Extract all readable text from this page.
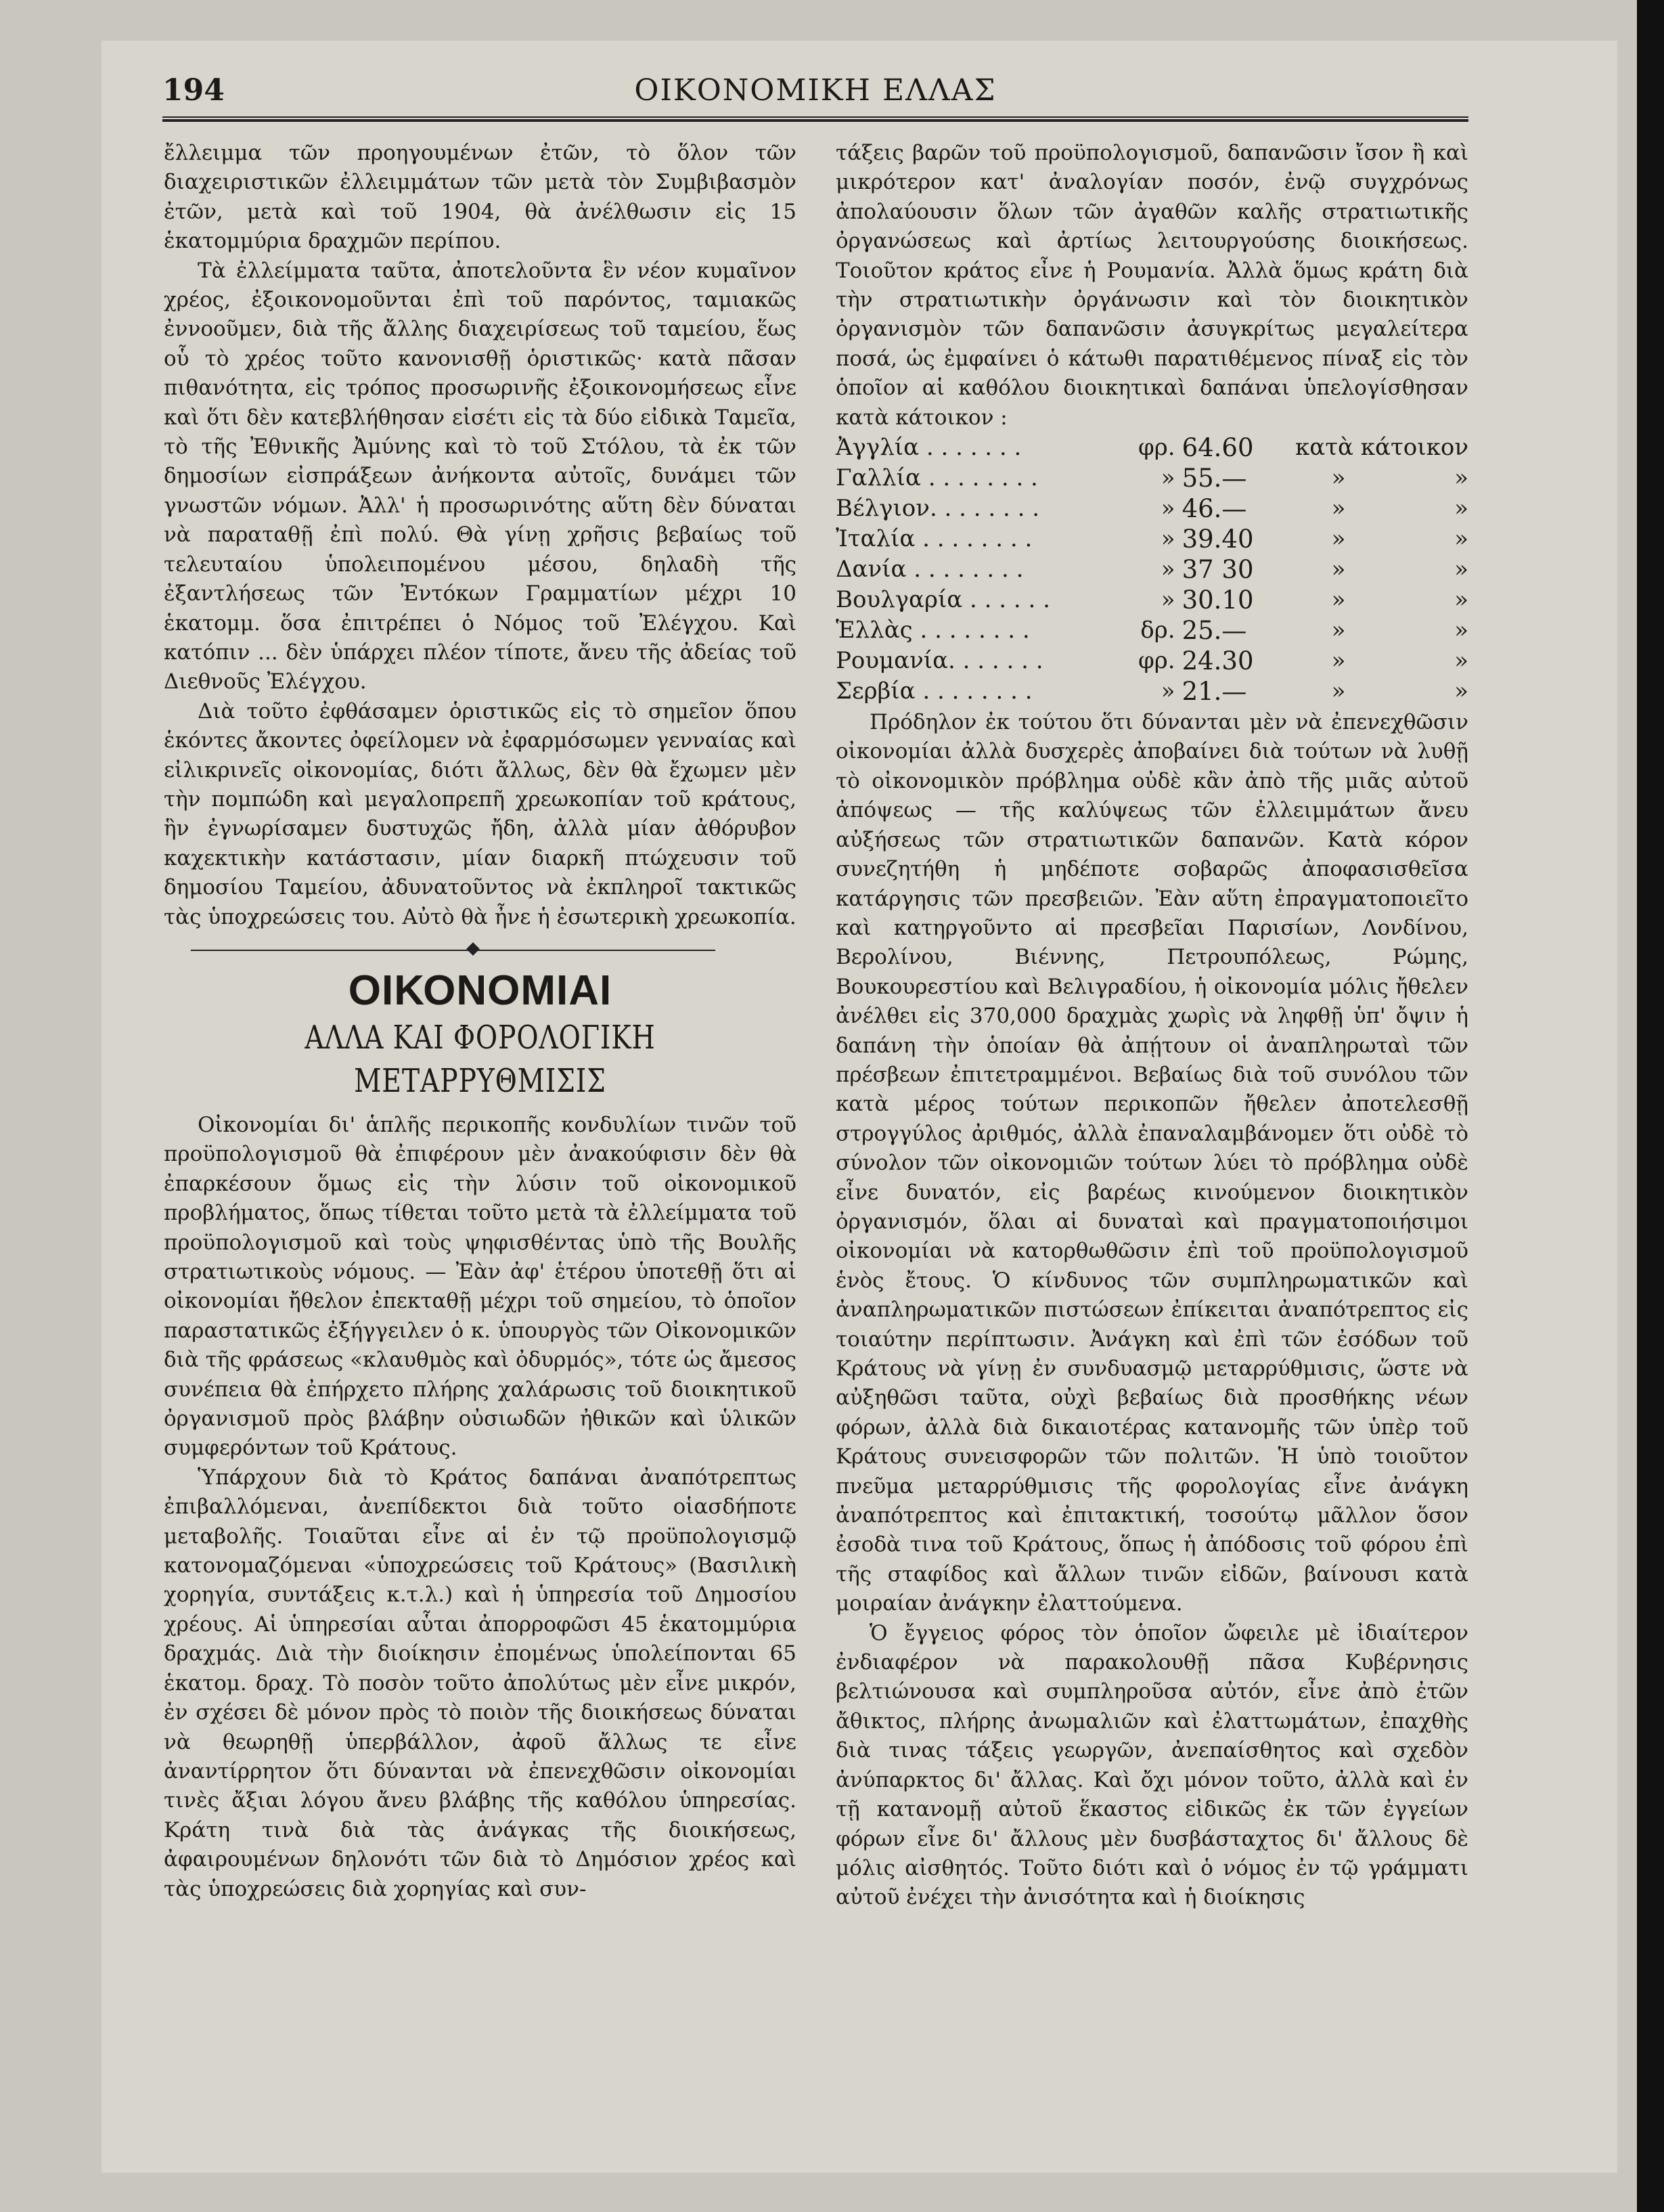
194	ΟΙΚΟΝΟΜΙΚΗ ΕΛΛΑΣ

ἔλλειμμα τῶν προηγουμένων ἐτῶν, τὸ ὅλον τῶν διαχειριστικῶν ἐλλειμμάτων τῶν μετὰ τὸν Συμβιβασμὸν ἐτῶν, μετὰ καὶ τοῦ 1904, θὰ ἀνέλθωσιν εἰς 15 ἑκατομμύρια δραχμῶν περίπου.

Τὰ ἐλλείμματα ταῦτα, ἀποτελοῦντα ἓν νέον κυμαῖνον χρέος, ἐξοικονομοῦνται ἐπὶ τοῦ παρόντος, ταμιακῶς ἐννοοῦμεν, διὰ τῆς ἄλλης διαχειρίσεως τοῦ ταμείου, ἕως οὗ τὸ χρέος τοῦτο κανονισθῇ ὁριστικῶς· κατὰ πᾶσαν πιθανότητα, εἰς τρόπος προσωρινῆς ἐξοικονομήσεως εἶνε καὶ ὅτι δὲν κατεβλήθησαν εἰσέτι εἰς τὰ δύο εἰδικὰ Ταμεῖα, τὸ τῆς Ἐθνικῆς Ἀμύνης καὶ τὸ τοῦ Στόλου, τὰ ἐκ τῶν δημοσίων εἰσπράξεων ἀνήκοντα αὐτοῖς, δυνάμει τῶν γνωστῶν νόμων. Ἀλλ' ἡ προσωρινότης αὕτη δὲν δύναται νὰ παραταθῇ ἐπὶ πολύ. Θὰ γίνῃ χρῆσις βεβαίως τοῦ τελευταίου ὑπολειπομένου μέσου, δηλαδὴ τῆς ἐξαντλήσεως τῶν Ἐντόκων Γραμματίων μέχρι 10 ἑκατομμ. ὅσα ἐπιτρέπει ὁ Νόμος τοῦ Ἐλέγχου. Καὶ κατόπιν ... δὲν ὑπάρχει πλέον τίποτε, ἄνευ τῆς ἀδείας τοῦ Διεθνοῦς Ἐλέγχου.

Διὰ τοῦτο ἐφθάσαμεν ὁριστικῶς εἰς τὸ σημεῖον ὅπου ἑκόντες ἄκοντες ὀφείλομεν νὰ ἐφαρμόσωμεν γενναίας καὶ εἰλικρινεῖς οἰκονομίας, διότι ἄλλως, δὲν θὰ ἔχωμεν μὲν τὴν πομπώδη καὶ μεγαλοπρεπῆ χρεωκοπίαν τοῦ κράτους, ἣν ἐγνωρίσαμεν δυστυχῶς ἤδη, ἀλλὰ μίαν ἀθόρυβον καχεκτικὴν κατάστασιν, μίαν διαρκῆ πτώχευσιν τοῦ δημοσίου Ταμείου, ἀδυνατοῦντος νὰ ἐκπληροῖ τακτικῶς τὰς ὑποχρεώσεις του. Αὐτὸ θὰ ἦνε ἡ ἐσωτερικὴ χρεωκοπία.

ΟΙΚΟΝΟΜΙΑΙ
ΑΛΛΑ ΚΑΙ ΦΟΡΟΛΟΓΙΚΗ ΜΕΤΑΡΡΥΘΜΙΣΙΣ

Οἰκονομίαι δι' ἁπλῆς περικοπῆς κονδυλίων τινῶν τοῦ προϋπολογισμοῦ θὰ ἐπιφέρουν μὲν ἀνακούφισιν δὲν θὰ ἐπαρκέσουν ὅμως εἰς τὴν λύσιν τοῦ οἰκονομικοῦ προβλήματος, ὅπως τίθεται τοῦτο μετὰ τὰ ἐλλείμματα τοῦ προϋπολογισμοῦ καὶ τοὺς ψηφισθέντας ὑπὸ τῆς Βουλῆς στρατιωτικοὺς νόμους. — Ἐὰν ἀφ' ἑτέρου ὑποτεθῇ ὅτι αἱ οἰκονομίαι ἤθελον ἐπεκταθῇ μέχρι τοῦ σημείου, τὸ ὁποῖον παραστατικῶς ἐξήγγειλεν ὁ κ. ὑπουργὸς τῶν Οἰκονομικῶν διὰ τῆς φράσεως «κλαυθμὸς καὶ ὀδυρμός», τότε ὡς ἄμεσος συνέπεια θὰ ἐπήρχετο πλήρης χαλάρωσις τοῦ διοικητικοῦ ὀργανισμοῦ πρὸς βλάβην οὐσιωδῶν ἠθικῶν καὶ ὑλικῶν συμφερόντων τοῦ Κράτους.

Ὑπάρχουν διὰ τὸ Κράτος δαπάναι ἀναπότρεπτως ἐπιβαλλόμεναι, ἀνεπίδεκτοι διὰ τοῦτο οἱασδήποτε μεταβολῆς. Τοιαῦται εἶνε αἱ ἐν τῷ προϋπολογισμῷ κατονομαζόμεναι «ὑποχρεώσεις τοῦ Κράτους» (Βασιλικὴ χορηγία, συντάξεις κ.τ.λ.) καὶ ἡ ὑπηρεσία τοῦ Δημοσίου χρέους. Αἱ ὑπηρεσίαι αὗται ἀπορροφῶσι 45 ἑκατομμύρια δραχμάς. Διὰ τὴν διοίκησιν ἐπομένως ὑπολείπονται 65 ἑκατομ. δραχ. Τὸ ποσὸν τοῦτο ἀπολύτως μὲν εἶνε μικρόν, ἐν σχέσει δὲ μόνον πρὸς τὸ ποιὸν τῆς διοικήσεως δύναται νὰ θεωρηθῇ ὑπερβάλλον, ἀφοῦ ἄλλως τε εἶνε ἀναντίρρητον ὅτι δύνανται νὰ ἐπενεχθῶσιν οἰκονομίαι τινὲς ἄξιαι λόγου ἄνευ βλάβης τῆς καθόλου ὑπηρεσίας. Κράτη τινὰ διὰ τὰς ἀνάγκας τῆς διοικήσεως, ἀφαιρουμένων δηλονότι τῶν διὰ τὸ Δημόσιον χρέος καὶ τὰς ὑποχρεώσεις διὰ χορηγίας καὶ συν-

τάξεις βαρῶν τοῦ προϋπολογισμοῦ, δαπανῶσιν ἴσον ἢ καὶ μικρότερον κατ' ἀναλογίαν ποσόν, ἐνῷ συγχρόνως ἀπολαύουσιν ὅλων τῶν ἀγαθῶν καλῆς στρατιωτικῆς ὀργανώσεως καὶ ἀρτίως λειτουργούσης διοικήσεως. Τοιοῦτον κράτος εἶνε ἡ Ρουμανία. Ἀλλὰ ὅμως κράτη διὰ τὴν στρατιωτικὴν ὀργάνωσιν καὶ τὸν διοικητικὸν ὀργανισμὸν τῶν δαπανῶσιν ἀσυγκρίτως μεγαλείτερα ποσά, ὡς ἐμφαίνει ὁ κάτωθι παρατιθέμενος πίναξ εἰς τὸν ὁποῖον αἱ καθόλου διοικητικαὶ δαπάναι ὑπελογίσθησαν κατὰ κάτοικον :

Ἀγγλία . . . . . . .	φρ.	64.60	κατὰ κάτοικον	
Γαλλία . . . . . . . .	»	55.—	»	»
Βέλγιον. . . . . . . .	»	46.—	»	»
Ἰταλία . . . . . . . .	»	39.40	»	»
Δανία . . . . . . . .	»	37 30	»	»
Βουλγαρία . . . . . .	»	30.10	»	»
Ἑλλὰς . . . . . . . .	δρ.	25.—	»	»
Ρουμανία. . . . . . .	φρ.	24.30	»	»
Σερβία . . . . . . . .	»	21.—	»	»

Πρόδηλον ἐκ τούτου ὅτι δύνανται μὲν νὰ ἐπενεχθῶσιν οἰκονομίαι ἀλλὰ δυσχερὲς ἀποβαίνει διὰ τούτων νὰ λυθῇ τὸ οἰκονομικὸν πρόβλημα οὐδὲ κἂν ἀπὸ τῆς μιᾶς αὐτοῦ ἀπόψεως — τῆς καλύψεως τῶν ἐλλειμμάτων ἄνευ αὐξήσεως τῶν στρατιωτικῶν δαπανῶν. Κατὰ κόρον συνεζητήθη ἡ μηδέποτε σοβαρῶς ἀποφασισθεῖσα κατάργησις τῶν πρεσβειῶν. Ἐὰν αὕτη ἐπραγματοποιεῖτο καὶ κατηργοῦντο αἱ πρεσβεῖαι Παρισίων, Λονδίνου, Βερολίνου, Βιέννης, Πετρουπόλεως, Ρώμης, Βουκουρεστίου καὶ Βελιγραδίου, ἡ οἰκονομία μόλις ἤθελεν ἀνέλθει εἰς 370,000 δραχμὰς χωρὶς νὰ ληφθῇ ὑπ' ὄψιν ἡ δαπάνη τὴν ὁποίαν θὰ ἀπῄτουν οἱ ἀναπληρωταὶ τῶν πρέσβεων ἐπιτετραμμένοι. Βεβαίως διὰ τοῦ συνόλου τῶν κατὰ μέρος τούτων περικοπῶν ἤθελεν ἀποτελεσθῇ στρογγύλος ἀριθμός, ἀλλὰ ἐπαναλαμβάνομεν ὅτι οὐδὲ τὸ σύνολον τῶν οἰκονομιῶν τούτων λύει τὸ πρόβλημα οὐδὲ εἶνε δυνατόν, εἰς βαρέως κινούμενον διοικητικὸν ὀργανισμόν, ὅλαι αἱ δυναταὶ καὶ πραγματοποιήσιμοι οἰκονομίαι νὰ κατορθωθῶσιν ἐπὶ τοῦ προϋπολογισμοῦ ἑνὸς ἔτους. Ὁ κίνδυνος τῶν συμπληρωματικῶν καὶ ἀναπληρωματικῶν πιστώσεων ἐπίκειται ἀναπότρεπτος εἰς τοιαύτην περίπτωσιν. Ἀνάγκη καὶ ἐπὶ τῶν ἐσόδων τοῦ Κράτους νὰ γίνῃ ἐν συνδυασμῷ μεταρρύθμισις, ὥστε νὰ αὐξηθῶσι ταῦτα, οὐχὶ βεβαίως διὰ προσθήκης νέων φόρων, ἀλλὰ διὰ δικαιοτέρας κατανομῆς τῶν ὑπὲρ τοῦ Κράτους συνεισφορῶν τῶν πολιτῶν. Ἡ ὑπὸ τοιοῦτον πνεῦμα μεταρρύθμισις τῆς φορολογίας εἶνε ἀνάγκη ἀναπότρεπτος καὶ ἐπιτακτική, τοσούτῳ μᾶλλον ὅσον ἐσοδὰ τινα τοῦ Κράτους, ὅπως ἡ ἀπόδοσις τοῦ φόρου ἐπὶ τῆς σταφίδος καὶ ἄλλων τινῶν εἰδῶν, βαίνουσι κατὰ μοιραίαν ἀνάγκην ἐλαττούμενα.

Ὁ ἔγγειος φόρος τὸν ὁποῖον ὤφειλε μὲ ἰδιαίτερον ἐνδιαφέρον νὰ παρακολουθῇ πᾶσα Κυβέρνησις βελτιώνουσα καὶ συμπληροῦσα αὐτόν, εἶνε ἀπὸ ἐτῶν ἄθικτος, πλήρης ἀνωμαλιῶν καὶ ἐλαττωμάτων, ἐπαχθὴς διὰ τινας τάξεις γεωργῶν, ἀνεπαίσθητος καὶ σχεδὸν ἀνύπαρκτος δι' ἄλλας. Καὶ ὄχι μόνον τοῦτο, ἀλλὰ καὶ ἐν τῇ κατανομῇ αὐτοῦ ἕκαστος εἰδικῶς ἐκ τῶν ἐγγείων φόρων εἶνε δι' ἄλλους μὲν δυσβάσταχτος δι' ἄλλους δὲ μόλις αἰσθητός. Τοῦτο διότι καὶ ὁ νόμος ἐν τῷ γράμματι αὐτοῦ ἐνέχει τὴν ἀνισότητα καὶ ἡ διοίκησις
